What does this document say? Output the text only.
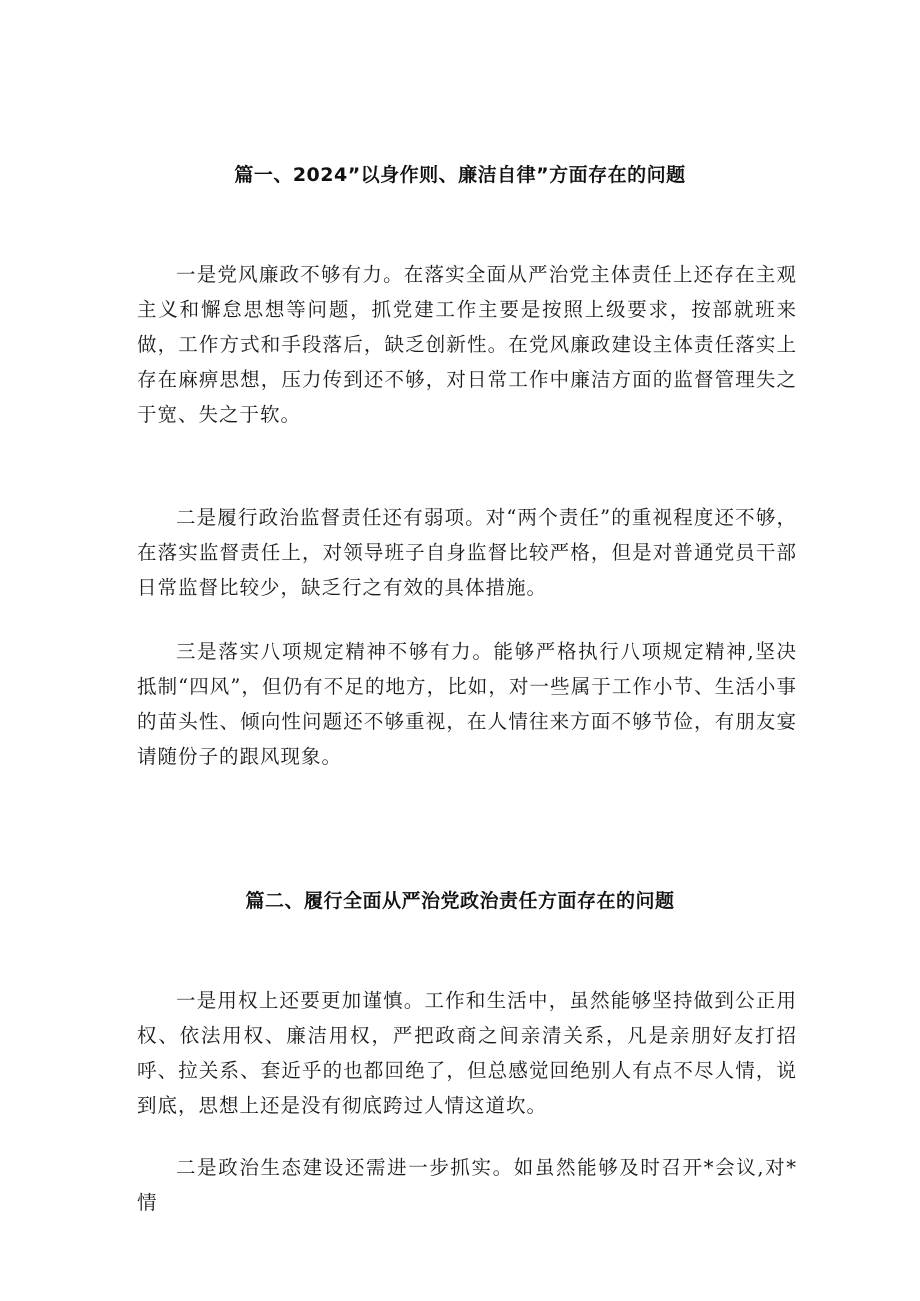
篇一、2024”以身作则、廉洁自律”方面存在的问题

一是党风廉政不够有力。在落实全面从严治党主体责任上还存在主观主义和懈怠思想等问题，抓党建工作主要是按照上级要求，按部就班来做，工作方式和手段落后，缺乏创新性。在党风廉政建设主体责任落实上存在麻痹思想，压力传到还不够，对日常工作中廉洁方面的监督管理失之于宽、失之于软。

二是履行政治监督责任还有弱项。对“两个责任”的重视程度还不够，在落实监督责任上，对领导班子自身监督比较严格，但是对普通党员干部日常监督比较少，缺乏行之有效的具体措施。

三是落实八项规定精神不够有力。能够严格执行八项规定精神,坚决抵制“四风”，但仍有不足的地方，比如，对一些属于工作小节、生活小事的苗头性、倾向性问题还不够重视，在人情往来方面不够节俭，有朋友宴请随份子的跟风现象。

篇二、履行全面从严治党政治责任方面存在的问题

一是用权上还要更加谨慎。工作和生活中，虽然能够坚持做到公正用权、依法用权、廉洁用权，严把政商之间亲清关系，凡是亲朋好友打招呼、拉关系、套近乎的也都回绝了，但总感觉回绝别人有点不尽人情，说到底，思想上还是没有彻底跨过人情这道坎。

二是政治生态建设还需进一步抓实。如虽然能够及时召开*会议,对*情
